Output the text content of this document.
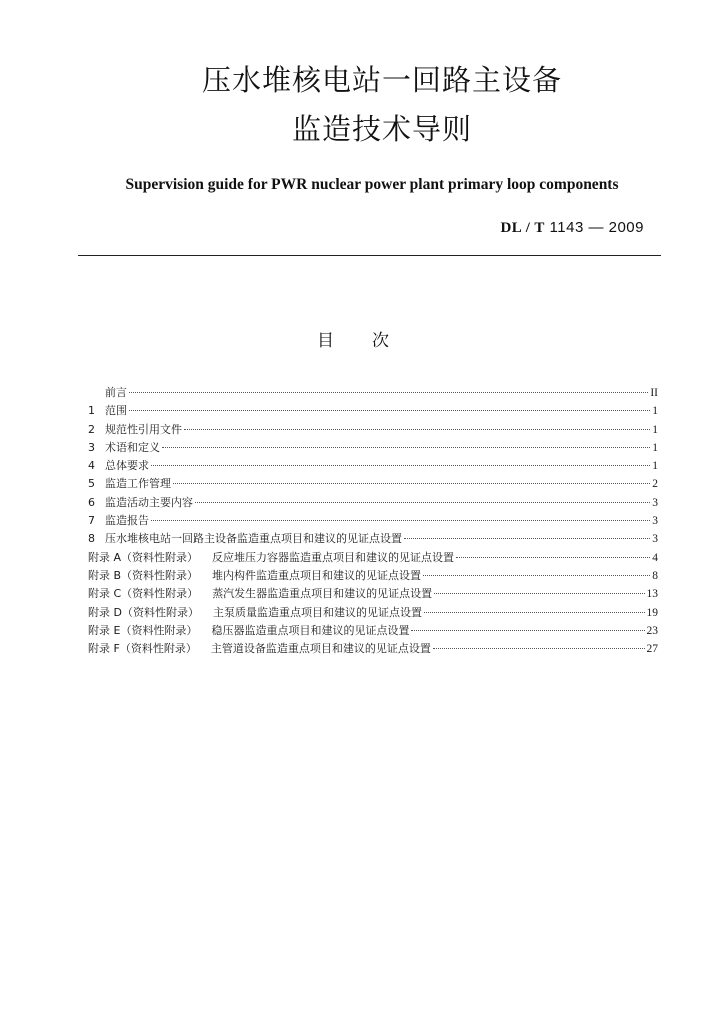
压水堆核电站一回路主设备
监造技术导则
Supervision guide for PWR nuclear power plant primary loop components
DL / T 1143 — 2009
目次
前言	II
1 范围	1
2 规范性引用文件	1
3 术语和定义	1
4 总体要求	1
5 监造工作管理	2
6 监造活动主要内容	3
7 监造报告	3
8 压水堆核电站一回路主设备监造重点项目和建议的见证点设置	3
附录 A（资料性附录） 反应堆压力容器监造重点项目和建议的见证点设置	4
附录 B（资料性附录） 堆内构件监造重点项目和建议的见证点设置	8
附录 C（资料性附录） 蒸汽发生器监造重点项目和建议的见证点设置	13
附录 D（资料性附录） 主泵质量监造重点项目和建议的见证点设置	19
附录 E（资料性附录） 稳压器监造重点项目和建议的见证点设置	23
附录 F（资料性附录） 主管道设备监造重点项目和建议的见证点设置	27
